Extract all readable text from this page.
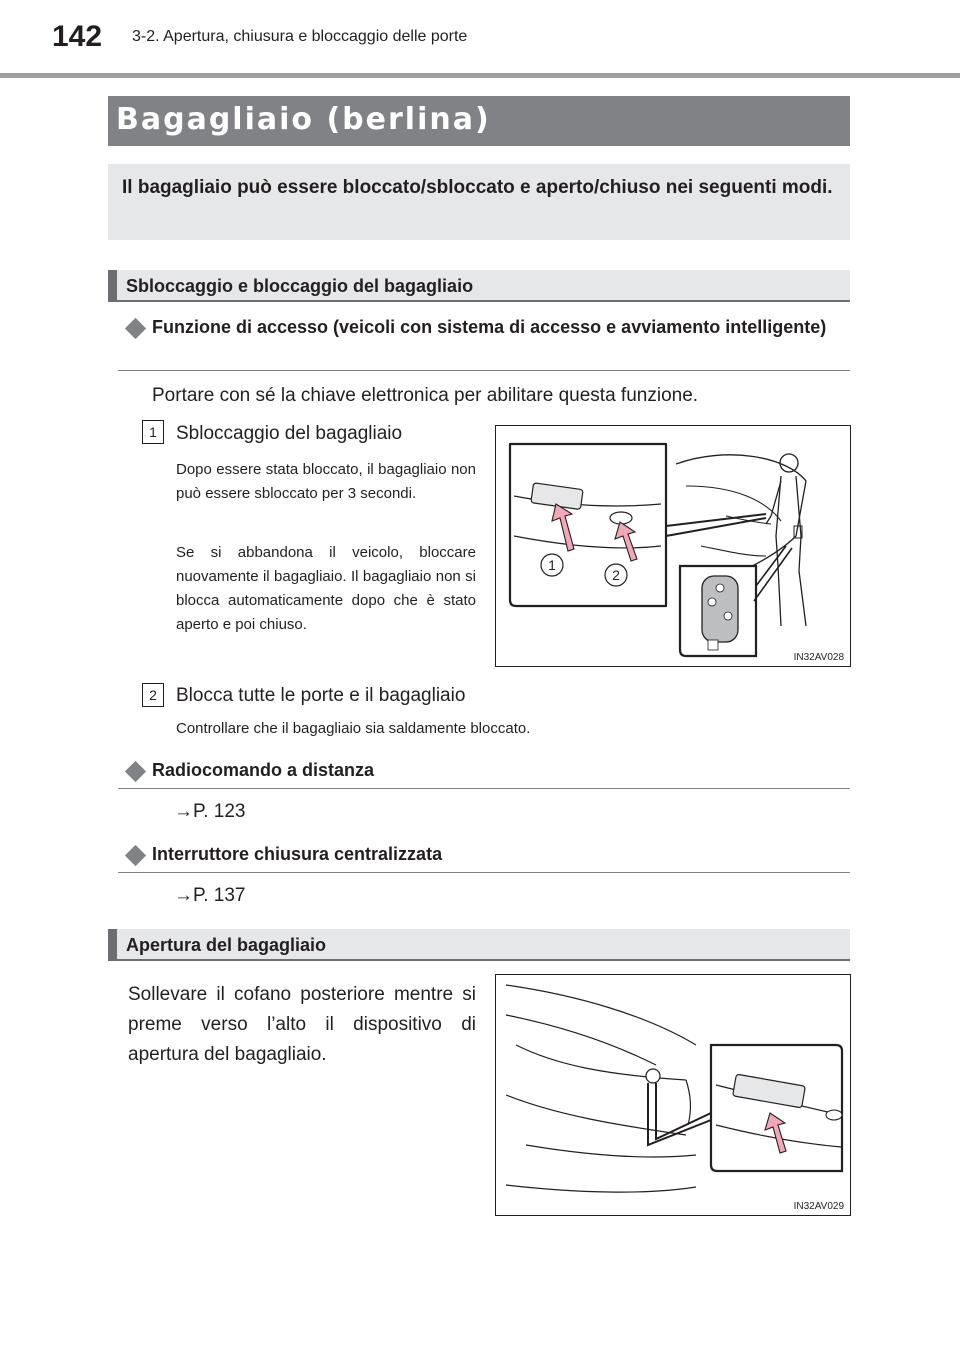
142 3-2. Apertura, chiusura e bloccaggio delle porte
Bagagliaio (berlina)
Il bagagliaio può essere bloccato/sbloccato e aperto/chiuso nei seguenti modi.
Sbloccaggio e bloccaggio del bagagliaio
Funzione di accesso (veicoli con sistema di accesso e avviamento intelligente)
Portare con sé la chiave elettronica per abilitare questa funzione.
1	Sbloccaggio del bagagliaio
Dopo essere stata bloccato, il bagagliaio non può essere sbloccato per 3 secondi.
Se si abbandona il veicolo, bloccare nuovamente il bagagliaio. Il bagagliaio non si blocca automaticamente dopo che è stato aperto e poi chiuso.
1
2
IN32AV028
2	Blocca tutte le porte e il bagagliaio
Controllare che il bagagliaio sia saldamente bloccato.
Radiocomando a distanza
→P. 123
Interruttore chiusura centralizzata
→P. 137
Apertura del bagagliaio
Sollevare il cofano posteriore mentre si preme verso l’alto il dispositivo di apertura del bagagliaio.
IN32AV029
